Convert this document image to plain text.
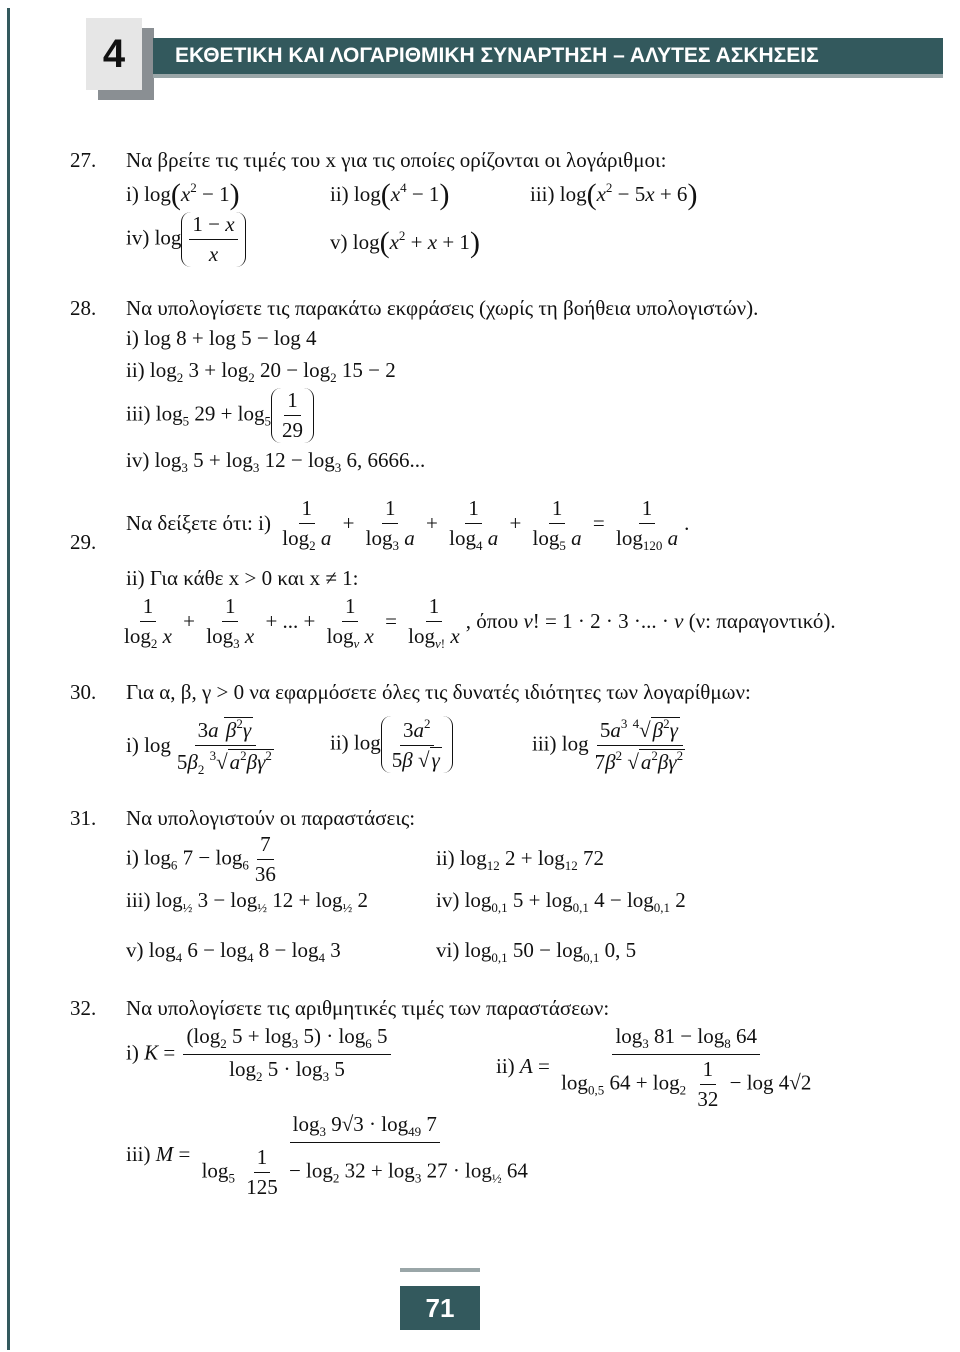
4	ΕΚΘΕΤΙΚΗ ΚΑΙ ΛΟΓΑΡΙΘΜΙΚΗ ΣΥΝΑΡΤΗΣΗ – ΑΛΥΤΕΣ ΑΣΚΗΣΕΙΣ
27. Να βρείτε τις τιμές του x για τις οποίες ορίζονται οι λογάριθμοι:
i) $\log(x^2 - 1)$	ii) $\log(x^4 - 1)$	iii) $\log(x^2 - 5x + 6)$
iv) $\log \frac{1 - x}{x}$	v) $\log(x^2 + x + 1)$
28. Να υπολογίσετε τις παρακάτω εκφράσεις (χωρίς τη βοήθεια υπολογιστών).
i) log 8 + log 5 − log 4
ii) $\log_2 3 + \log_2 20 - \log_2 15 - 2$
iii) $\log_5 29 + \log_5 \frac{1}{29}$
iv) $\log_3 5 + \log_3 12 - \log_3 6$, 6666...
29.
Να δείξετε ότι: $i) \frac{1}{\log_2 a} + \frac{1}{\log_3 a} + \frac{1}{\log_4 a} + \frac{1}{\log_5 a} = \frac{1}{\log_{120} a}$ .
ii) Για κάθε x > 0 και x ≠ 1:
$\frac{1}{\log_2 x} + \frac{1}{\log_3 x}$ + ... + $\frac{1}{\log_\nu x} = \frac{1}{\log_{\nu!} x}$ , όπου ν! = 1 · 2 · 3 ·... · ν (ν: παραγοντικό).
30. Για α, β, γ > 0 να εφαρμόσετε όλες τις δυνατές ιδιότητες των λογαρίθμων:
i) $\log \frac{3a \beta^2\gamma}{5\beta_2 ^3√a^2\beta\gamma^2}$	ii) $\log \frac{3a^2}{5\beta √\gamma}$	iii) $\log \frac{5a^3 ^4√\beta^2\gamma}{7\beta^2 √a^2\beta\gamma^2}$
31. Να υπολογιστούν οι παραστάσεις:
i) $\log_6 7 - \log_6 \frac{7}{36}$	ii) $\log_{12} 2 + \log_{12} 72$
iii) $\log_{\frac{1}{2}} 3 - \log_{\frac{1}{2}} 12 + \log_{\frac{1}{2}} 2$	iv) $\log_{0,1} 5 + \log_{0,1} 4 - \log_{0,1} 2$
v) $\log_4 6 - \log_4 8 - \log_4 3$	vi) $\log_{0,1} 50 - \log_{0,1} 0$, 5
32. Να υπολογίσετε τις αριθμητικές τιμές των παραστάσεων:
i) $K = \frac{(\log_2 5 + \log_3 5) \cdot \log_6 5}{\log_2 5 \cdot \log_3 5}$	ii) $A = \frac{\log_3 81 - \log_8 64}{\log_{0,5} 64 + \log_2 \frac{1}{32} - \log 4√2}$
iii) $M = \frac{\log_3 9√3 \cdot \log_{49} 7}{\log_5 \frac{1}{125} - \log_2 32 + \log_3 27 \cdot \log_{\frac{1}{2}} 64}$
71
